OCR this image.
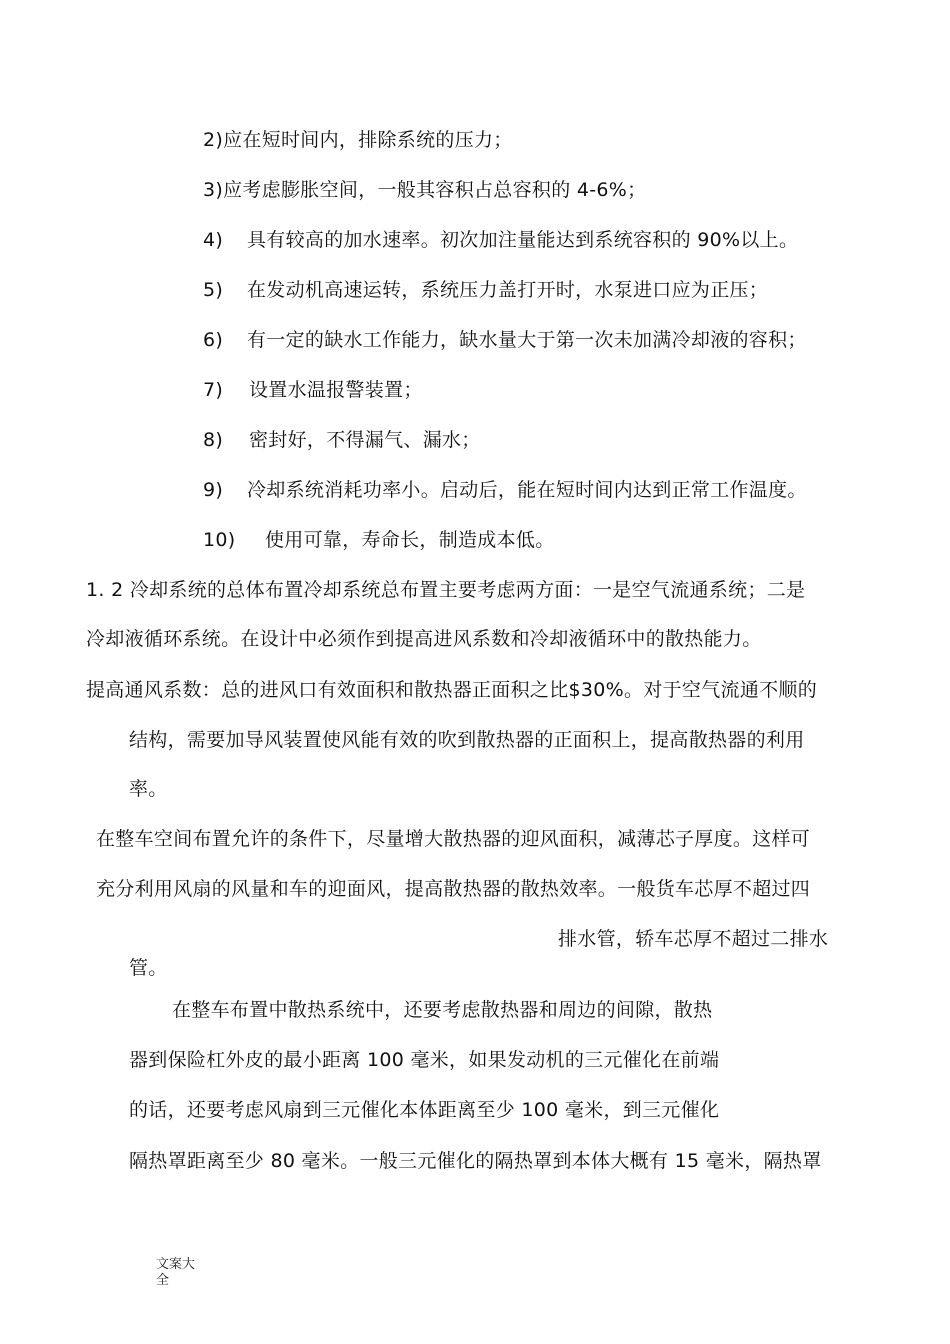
2)应在短时间内，排除系统的压力；
3)应考虑膨胀空间，一般其容积占总容积的 4-6%；
4) 具有较高的加水速率。初次加注量能达到系统容积的 90%以上。
5) 在发动机高速运转，系统压力盖打开时，水泵进口应为正压；
6) 有一定的缺水工作能力，缺水量大于第一次未加满冷却液的容积；
7) 设置水温报警装置；
8) 密封好，不得漏气、漏水；
9) 冷却系统消耗功率小。启动后，能在短时间内达到正常工作温度。
10) 使用可靠，寿命长，制造成本低。
1. 2 冷却系统的总体布置冷却系统总布置主要考虑两方面：一是空气流通系统；二是
冷却液循环系统。在设计中必须作到提高进风系数和冷却液循环中的散热能力。
提高通风系数：总的进风口有效面积和散热器正面积之比$30%。对于空气流通不顺的
结构，需要加导风装置使风能有效的吹到散热器的正面积上，提高散热器的利用
率。
在整车空间布置允许的条件下，尽量增大散热器的迎风面积，减薄芯子厚度。这样可
充分利用风扇的风量和车的迎面风，提高散热器的散热效率。一般货车芯厚不超过四
排水管，轿车芯厚不超过二排水
管。
在整车布置中散热系统中，还要考虑散热器和周边的间隙，散热
器到保险杠外皮的最小距离 100 毫米，如果发动机的三元催化在前端
的话，还要考虑风扇到三元催化本体距离至少 100 毫米，到三元催化
隔热罩距离至少 80 毫米。一般三元催化的隔热罩到本体大概有 15 毫米，隔热罩
文案大全
